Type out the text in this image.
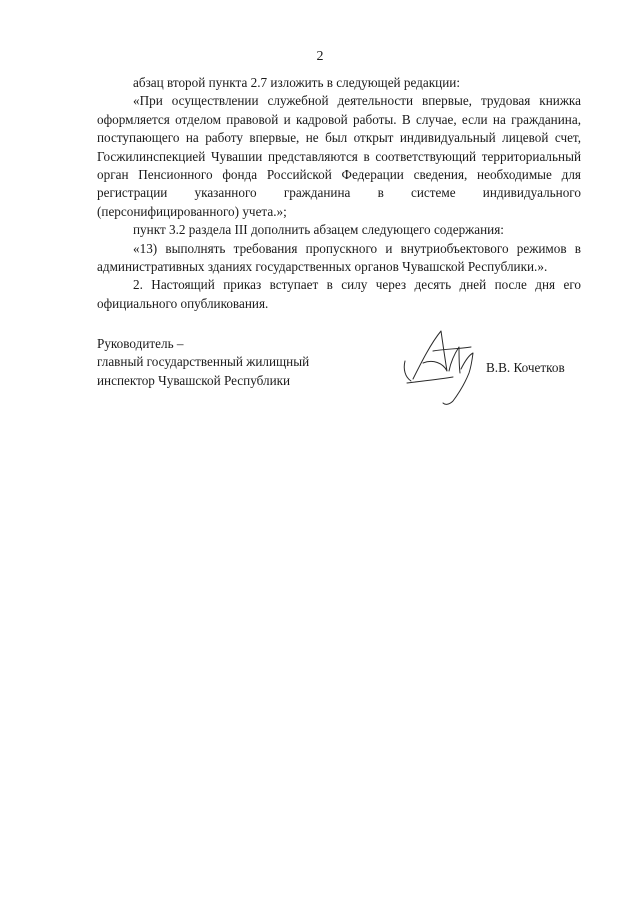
2

абзац второй пункта 2.7 изложить в следующей редакции:

«При осуществлении служебной деятельности впервые, трудовая книжка оформляется отделом правовой и кадровой работы. В случае, если на гражданина, поступающего на работу впервые, не был открыт индивидуальный лицевой счет, Госжилинспекцией Чувашии представляются в соответствующий территориальный орган Пенсионного фонда Российской Федерации сведения, необходимые для регистрации указанного гражданина в системе индивидуального (персонифицированного) учета.»;

пункт 3.2 раздела III дополнить абзацем следующего содержания:

«13) выполнять требования пропускного и внутриобъектового режимов в административных зданиях государственных органов Чувашской Республики.».

2. Настоящий приказ вступает в силу через десять дней после дня его официального опубликования.

Руководитель –
главный государственный жилищный
инспектор Чувашской Республики
В.В. Кочетков
